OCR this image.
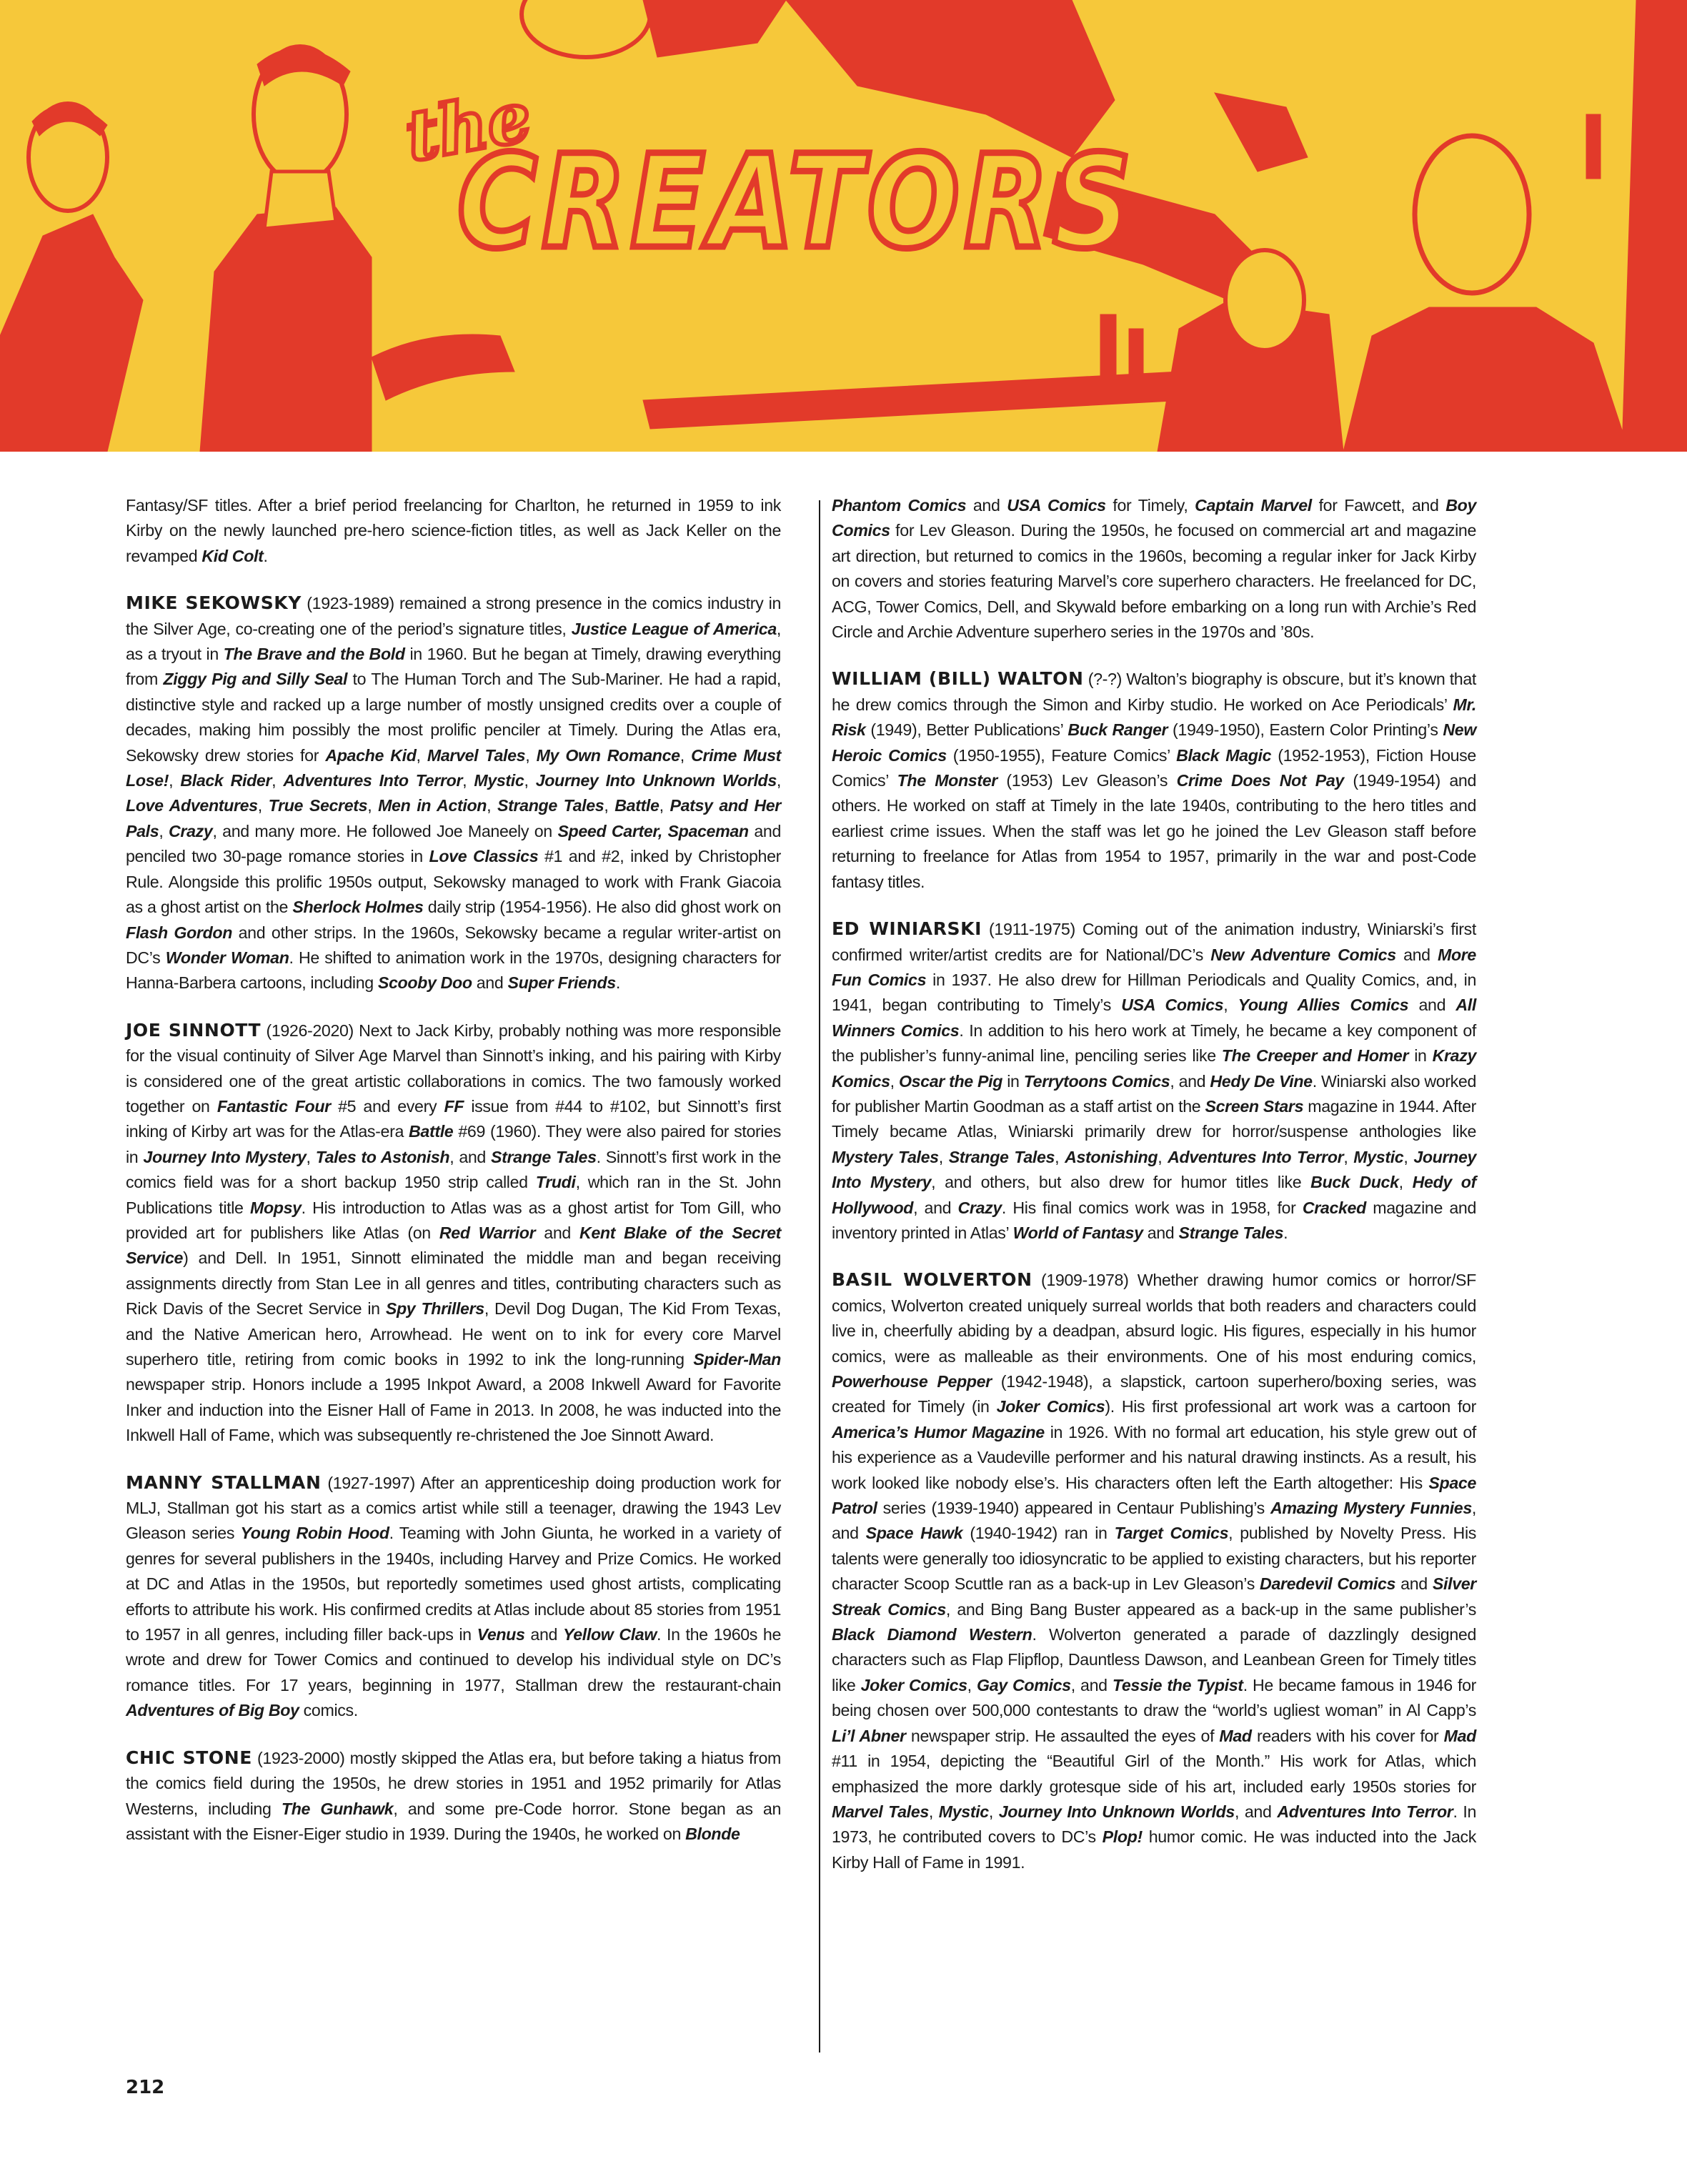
the
CREATORS

Fantasy/SF titles. After a brief period freelancing for Charlton, he returned in 1959 to ink Kirby on the newly launched pre-hero science-fiction titles, as well as Jack Keller on the revamped Kid Colt.

MIKE SEKOWSKY (1923-1989) remained a strong presence in the comics industry in the Silver Age, co-creating one of the period’s signature titles, Justice League of America, as a tryout in The Brave and the Bold in 1960. But he began at Timely, drawing everything from Ziggy Pig and Silly Seal to The Human Torch and The Sub-Mariner. He had a rapid, distinctive style and racked up a large number of mostly unsigned credits over a couple of decades, making him possibly the most prolific penciler at Timely. During the Atlas era, Sekowsky drew stories for Apache Kid, Marvel Tales, My Own Romance, Crime Must Lose!, Black Rider, Adventures Into Terror, Mystic, Journey Into Unknown Worlds, Love Adventures, True Secrets, Men in Action, Strange Tales, Battle, Patsy and Her Pals, Crazy, and many more. He followed Joe Maneely on Speed Carter, Spaceman and penciled two 30-page romance stories in Love Classics #1 and #2, inked by Christopher Rule. Alongside this prolific 1950s output, Sekowsky managed to work with Frank Giacoia as a ghost artist on the Sherlock Holmes daily strip (1954-1956). He also did ghost work on Flash Gordon and other strips. In the 1960s, Sekowsky became a regular writer-artist on DC’s Wonder Woman. He shifted to animation work in the 1970s, designing characters for Hanna-Barbera cartoons, including Scooby Doo and Super Friends.

JOE SINNOTT (1926-2020) Next to Jack Kirby, probably nothing was more responsible for the visual continuity of Silver Age Marvel than Sinnott’s inking, and his pairing with Kirby is considered one of the great artistic collaborations in comics. The two famously worked together on Fantastic Four #5 and every FF issue from #44 to #102, but Sinnott’s first inking of Kirby art was for the Atlas-era Battle #69 (1960). They were also paired for stories in Journey Into Mystery, Tales to Astonish, and Strange Tales. Sinnott’s first work in the comics field was for a short backup 1950 strip called Trudi, which ran in the St. John Publications title Mopsy. His introduction to Atlas was as a ghost artist for Tom Gill, who provided art for publishers like Atlas (on Red Warrior and Kent Blake of the Secret Service) and Dell. In 1951, Sinnott eliminated the middle man and began receiving assignments directly from Stan Lee in all genres and titles, contributing characters such as Rick Davis of the Secret Service in Spy Thrillers, Devil Dog Dugan, The Kid From Texas, and the Native American hero, Arrowhead. He went on to ink for every core Marvel superhero title, retiring from comic books in 1992 to ink the long-running Spider-Man newspaper strip. Honors include a 1995 Inkpot Award, a 2008 Inkwell Award for Favorite Inker and induction into the Eisner Hall of Fame in 2013. In 2008, he was inducted into the Inkwell Hall of Fame, which was subsequently re-christened the Joe Sinnott Award.

MANNY STALLMAN (1927-1997) After an apprenticeship doing production work for MLJ, Stallman got his start as a comics artist while still a teenager, drawing the 1943 Lev Gleason series Young Robin Hood. Teaming with John Giunta, he worked in a variety of genres for several publishers in the 1940s, including Harvey and Prize Comics. He worked at DC and Atlas in the 1950s, but reportedly sometimes used ghost artists, complicating efforts to attribute his work. His confirmed credits at Atlas include about 85 stories from 1951 to 1957 in all genres, including filler back-ups in Venus and Yellow Claw. In the 1960s he wrote and drew for Tower Comics and continued to develop his individual style on DC’s romance titles. For 17 years, beginning in 1977, Stallman drew the restaurant-chain Adventures of Big Boy comics.

CHIC STONE (1923-2000) mostly skipped the Atlas era, but before taking a hiatus from the comics field during the 1950s, he drew stories in 1951 and 1952 primarily for Atlas Westerns, including The Gunhawk, and some pre-Code horror. Stone began as an assistant with the Eisner-Eiger studio in 1939. During the 1940s, he worked on Blonde

Phantom Comics and USA Comics for Timely, Captain Marvel for Fawcett, and Boy Comics for Lev Gleason. During the 1950s, he focused on commercial art and magazine art direction, but returned to comics in the 1960s, becoming a regular inker for Jack Kirby on covers and stories featuring Marvel’s core superhero characters. He freelanced for DC, ACG, Tower Comics, Dell, and Skywald before embarking on a long run with Archie’s Red Circle and Archie Adventure superhero series in the 1970s and ’80s.

WILLIAM (BILL) WALTON (?-?) Walton’s biography is obscure, but it’s known that he drew comics through the Simon and Kirby studio. He worked on Ace Periodicals’ Mr. Risk (1949), Better Publications’ Buck Ranger (1949-1950), Eastern Color Printing’s New Heroic Comics (1950-1955), Feature Comics’ Black Magic (1952-1953), Fiction House Comics’ The Monster (1953) Lev Gleason’s Crime Does Not Pay (1949-1954) and others. He worked on staff at Timely in the late 1940s, contributing to the hero titles and earliest crime issues. When the staff was let go he joined the Lev Gleason staff before returning to freelance for Atlas from 1954 to 1957, primarily in the war and post-Code fantasy titles.

ED WINIARSKI (1911-1975) Coming out of the animation industry, Winiarski’s first confirmed writer/artist credits are for National/DC’s New Adventure Comics and More Fun Comics in 1937. He also drew for Hillman Periodicals and Quality Comics, and, in 1941, began contributing to Timely’s USA Comics, Young Allies Comics and All Winners Comics. In addition to his hero work at Timely, he became a key component of the publisher’s funny-animal line, penciling series like The Creeper and Homer in Krazy Komics, Oscar the Pig in Terrytoons Comics, and Hedy De Vine. Winiarski also worked for publisher Martin Goodman as a staff artist on the Screen Stars magazine in 1944. After Timely became Atlas, Winiarski primarily drew for horror/suspense anthologies like Mystery Tales, Strange Tales, Astonishing, Adventures Into Terror, Mystic, Journey Into Mystery, and others, but also drew for humor titles like Buck Duck, Hedy of Hollywood, and Crazy. His final comics work was in 1958, for Cracked magazine and inventory printed in Atlas’ World of Fantasy and Strange Tales.

BASIL WOLVERTON (1909-1978) Whether drawing humor comics or horror/SF comics, Wolverton created uniquely surreal worlds that both readers and characters could live in, cheerfully abiding by a deadpan, absurd logic. His figures, especially in his humor comics, were as malleable as their environments. One of his most enduring comics, Powerhouse Pepper (1942-1948), a slapstick, cartoon superhero/boxing series, was created for Timely (in Joker Comics). His first professional art work was a cartoon for America’s Humor Magazine in 1926. With no formal art education, his style grew out of his experience as a Vaudeville performer and his natural drawing instincts. As a result, his work looked like nobody else’s. His characters often left the Earth altogether: His Space Patrol series (1939-1940) appeared in Centaur Publishing’s Amazing Mystery Funnies, and Space Hawk (1940-1942) ran in Target Comics, published by Novelty Press. His talents were generally too idiosyncratic to be applied to existing characters, but his reporter character Scoop Scuttle ran as a back-up in Lev Gleason’s Daredevil Comics and Silver Streak Comics, and Bing Bang Buster appeared as a back-up in the same publisher’s Black Diamond Western. Wolverton generated a parade of dazzlingly designed characters such as Flap Flipflop, Dauntless Dawson, and Leanbean Green for Timely titles like Joker Comics, Gay Comics, and Tessie the Typist. He became famous in 1946 for being chosen over 500,000 contestants to draw the “world’s ugliest woman” in Al Capp’s Li’l Abner newspaper strip. He assaulted the eyes of Mad readers with his cover for Mad #11 in 1954, depicting the “Beautiful Girl of the Month.” His work for Atlas, which emphasized the more darkly grotesque side of his art, included early 1950s stories for Marvel Tales, Mystic, Journey Into Unknown Worlds, and Adventures Into Terror. In 1973, he contributed covers to DC’s Plop! humor comic. He was inducted into the Jack Kirby Hall of Fame in 1991.

212
